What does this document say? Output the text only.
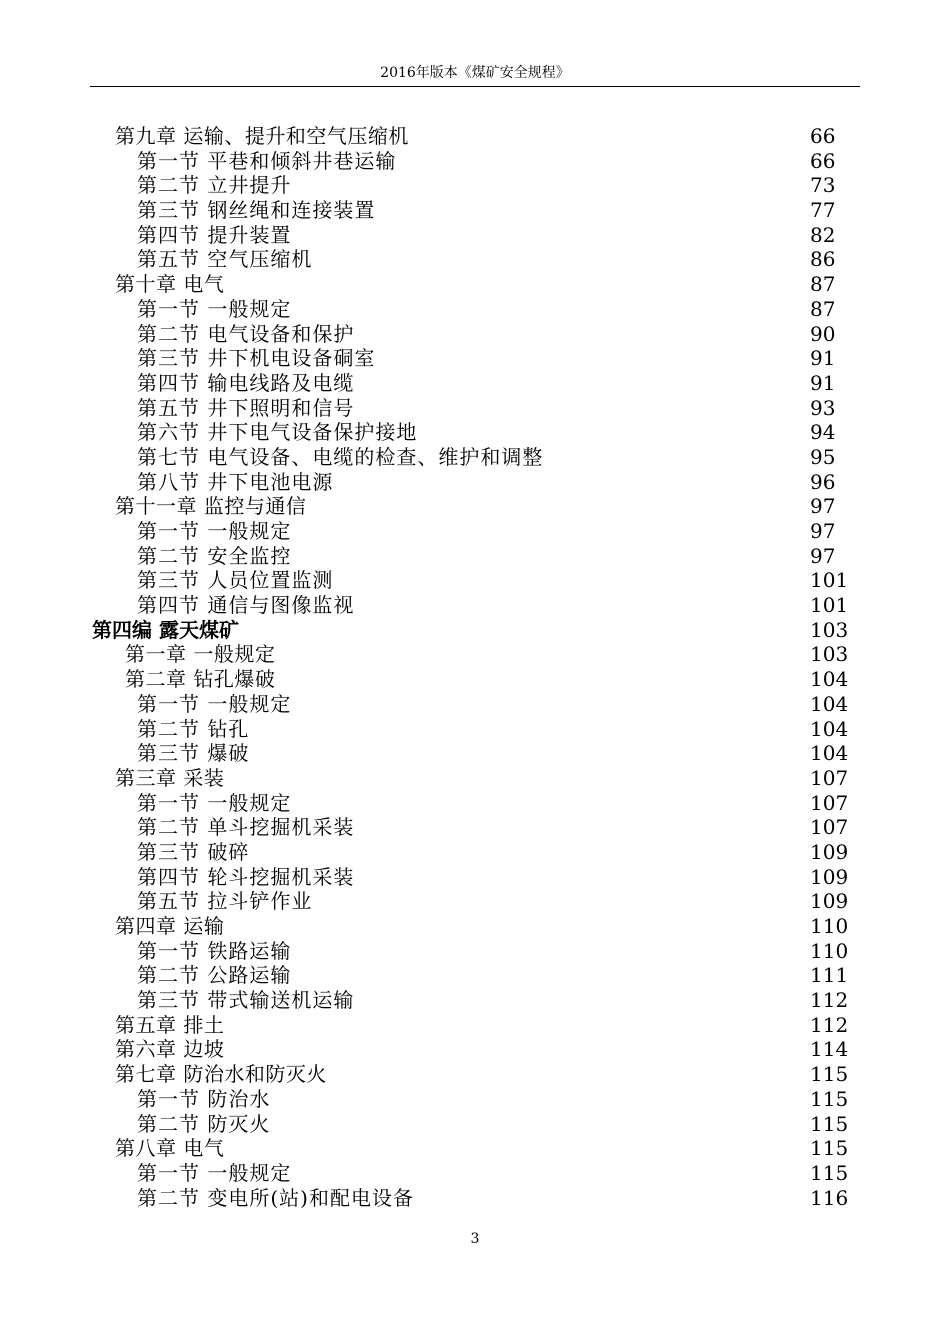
2016年版本《煤矿安全规程》
第九章 运输、提升和空气压缩机	66
第一节 平巷和倾斜井巷运输	66
第二节 立井提升	73
第三节 钢丝绳和连接装置	77
第四节 提升装置	82
第五节 空气压缩机	86
第十章 电气	87
第一节 一般规定	87
第二节 电气设备和保护	90
第三节 井下机电设备硐室	91
第四节 输电线路及电缆	91
第五节 井下照明和信号	93
第六节 井下电气设备保护接地	94
第七节 电气设备、电缆的检查、维护和调整	95
第八节 井下电池电源	96
第十一章 监控与通信	97
第一节 一般规定	97
第二节 安全监控	97
第三节 人员位置监测	101
第四节 通信与图像监视	101
第四编 露天煤矿	103
第一章 一般规定	103
第二章 钻孔爆破	104
第一节 一般规定	104
第二节 钻孔	104
第三节 爆破	104
第三章 采装	107
第一节 一般规定	107
第二节 单斗挖掘机采装	107
第三节 破碎	109
第四节 轮斗挖掘机采装	109
第五节 拉斗铲作业	109
第四章 运输	110
第一节 铁路运输	110
第二节 公路运输	111
第三节 带式输送机运输	112
第五章 排土	112
第六章 边坡	114
第七章 防治水和防灭火	115
第一节 防治水	115
第二节 防灭火	115
第八章 电气	115
第一节 一般规定	115
第二节 变电所(站)和配电设备	116
3
